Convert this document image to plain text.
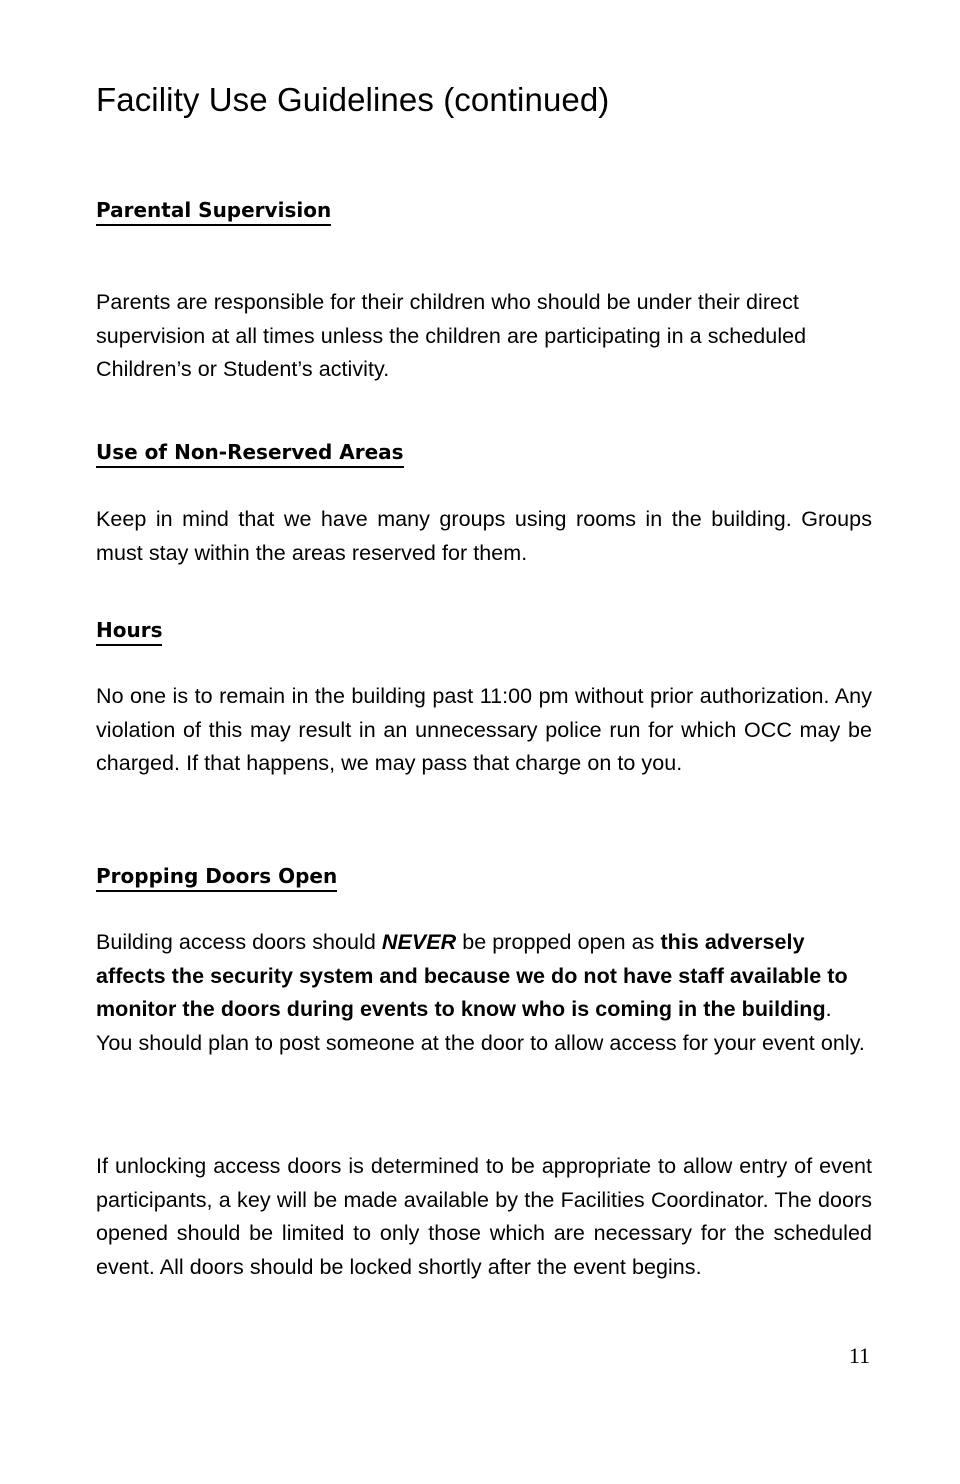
Facility Use Guidelines (continued)
Parental Supervision

Parents are responsible for their children who should be under their direct supervision at all times unless the children are participating in a scheduled Children’s or Student’s activity.

Use of Non-Reserved Areas

Keep in mind that we have many groups using rooms in the building. Groups must stay within the areas reserved for them.

Hours

No one is to remain in the building past 11:00 pm without prior authorization. Any violation of this may result in an unnecessary police run for which OCC may be charged. If that happens, we may pass that charge on to you.

Propping Doors Open

Building access doors should NEVER be propped open as this adversely affects the security system and because we do not have staff available to monitor the doors during events to know who is coming in the building. You should plan to post someone at the door to allow access for your event only.

If unlocking access doors is determined to be appropriate to allow entry of event participants, a key will be made available by the Facilities Coordinator. The doors opened should be limited to only those which are necessary for the scheduled event. All doors should be locked shortly after the event begins.

11
